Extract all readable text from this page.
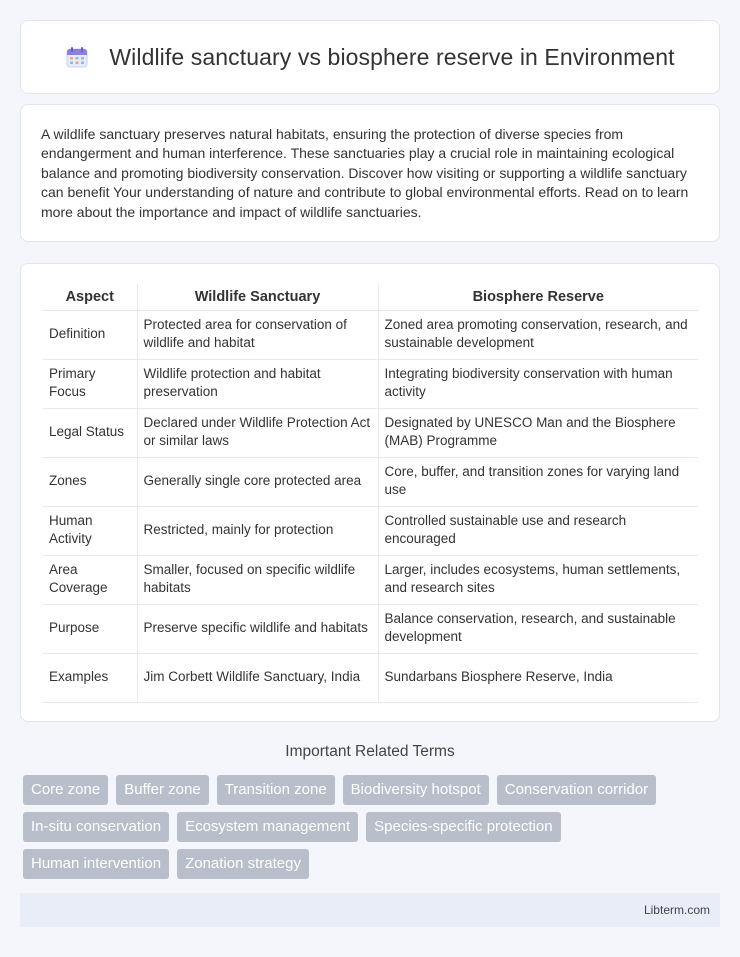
Wildlife sanctuary vs biosphere reserve in Environment

A wildlife sanctuary preserves natural habitats, ensuring the protection of diverse species from endangerment and human interference. These sanctuaries play a crucial role in maintaining ecological balance and promoting biodiversity conservation. Discover how visiting or supporting a wildlife sanctuary can benefit Your understanding of nature and contribute to global environmental efforts. Read on to learn more about the importance and impact of wildlife sanctuaries.

Aspect	Wildlife Sanctuary	Biosphere Reserve
Definition	Protected area for conservation of wildlife and habitat	Zoned area promoting conservation, research, and sustainable development
Primary Focus	Wildlife protection and habitat preservation	Integrating biodiversity conservation with human activity
Legal Status	Declared under Wildlife Protection Act or similar laws	Designated by UNESCO Man and the Biosphere (MAB) Programme
Zones	Generally single core protected area	Core, buffer, and transition zones for varying land use
Human Activity	Restricted, mainly for protection	Controlled sustainable use and research encouraged
Area Coverage	Smaller, focused on specific wildlife habitats	Larger, includes ecosystems, human settlements, and research sites
Purpose	Preserve specific wildlife and habitats	Balance conservation, research, and sustainable development
Examples	Jim Corbett Wildlife Sanctuary, India	Sundarbans Biosphere Reserve, India
Important Related Terms
Core zone	Buffer zone	Transition zone	Biodiversity hotspot	Conservation corridor
In-situ conservation	Ecosystem management	Species-specific protection
Human intervention	Zonation strategy
Libterm.com
